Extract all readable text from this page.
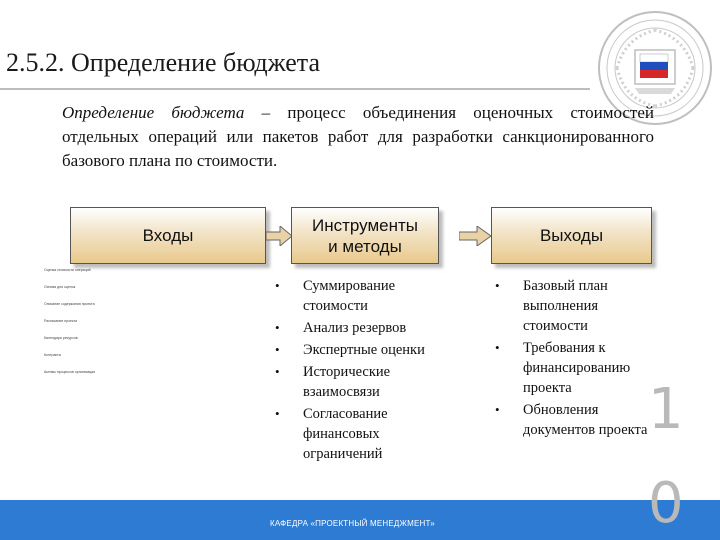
2.5.2. Определение бюджета
Определение бюджета – процесс объединения оценочных стоимостей отдельных операций или пакетов работ для разработки санкционированного базового плана по стоимости.
Входы
Инструменты
и методы
Выходы
Оценка стоимости операций
Основа для оценок
Описание содержания проекта
Расписание проекта
Календари ресурсов
Контракты
Активы процессов организации
• Суммирование стоимости
• Анализ резервов
• Экспертные оценки
• Исторические взаимосвязи
• Согласование финансовых ограничений
• Базовый план выполнения стоимости
• Требования к финансированию проекта
• Обновления документов проекта
КАФЕДРА «ПРОЕКТНЫЙ МЕНЕДЖМЕНТ»
1
0
